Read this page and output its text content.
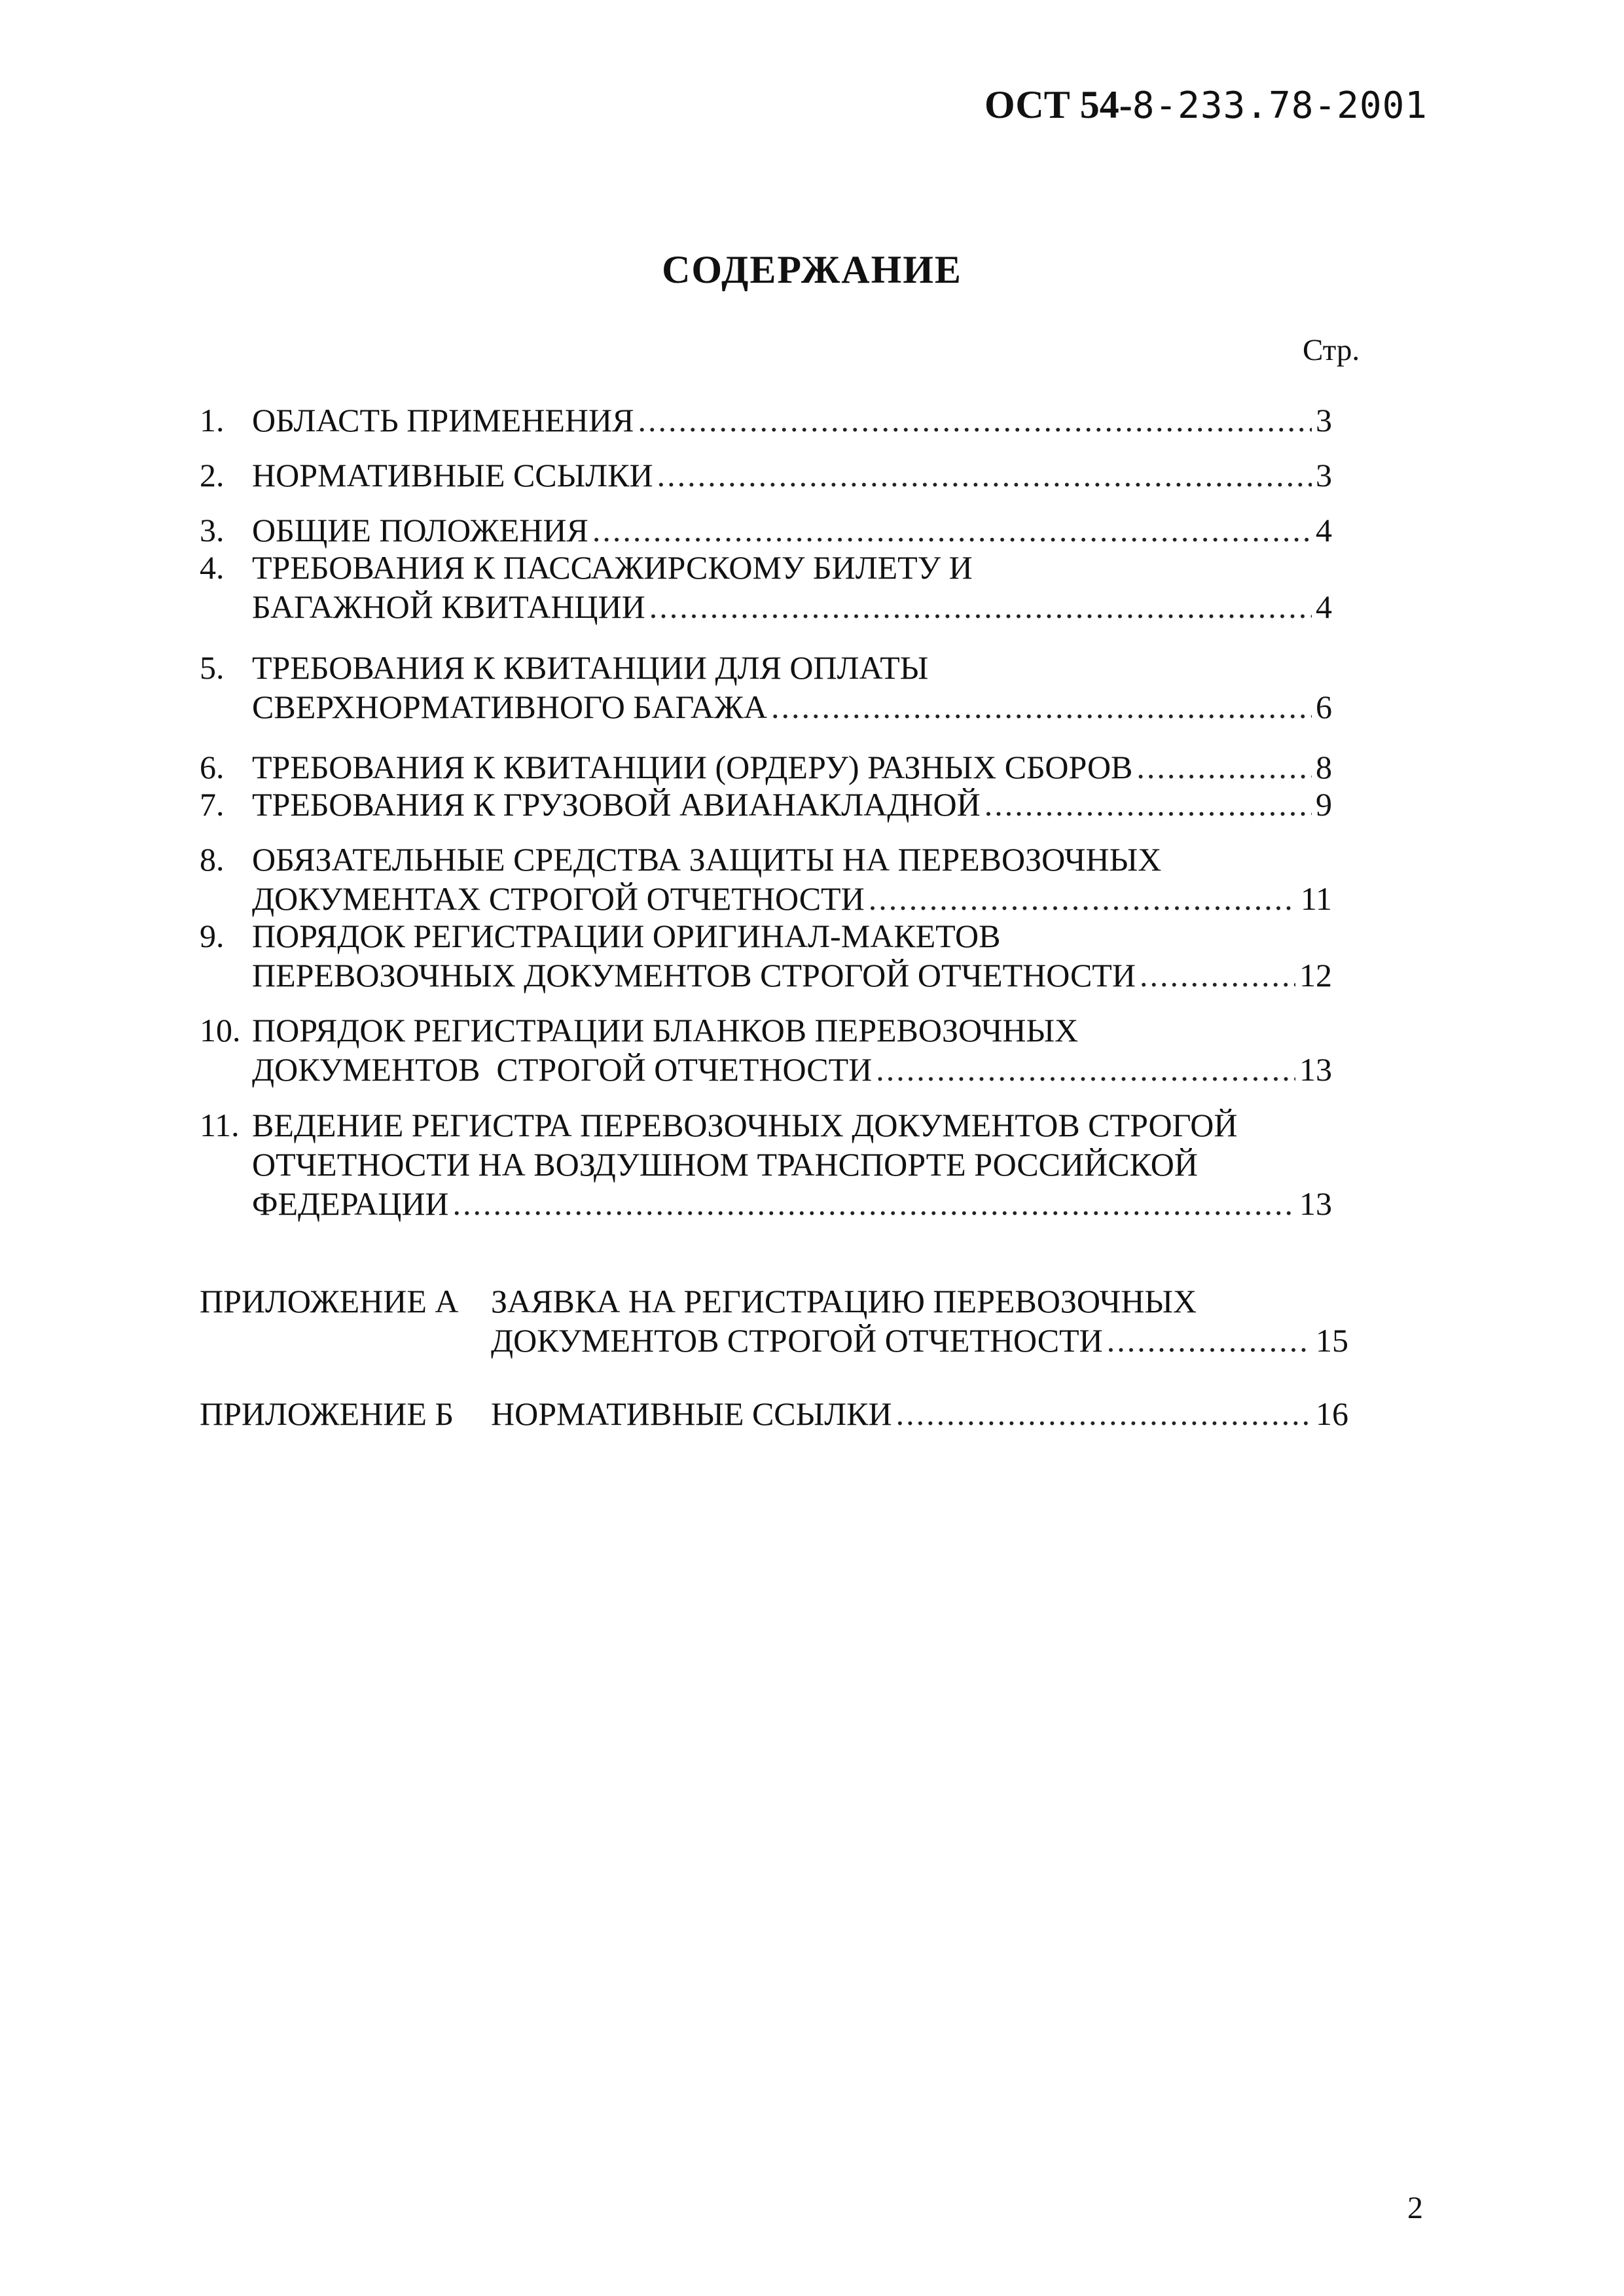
ОСТ 54-8-233.78-2001
СОДЕРЖАНИЕ
Стр.
1. ОБЛАСТЬ ПРИМЕНЕНИЯ .....	3
2. НОРМАТИВНЫЕ ССЫЛКИ .....	3
3. ОБЩИЕ ПОЛОЖЕНИЯ .....	4
4. ТРЕБОВАНИЯ К ПАССАЖИРСКОМУ БИЛЕТУ И
БАГАЖНОЙ КВИТАНЦИИ .....	4
5. ТРЕБОВАНИЯ К КВИТАНЦИИ ДЛЯ ОПЛАТЫ
СВЕРХНОРМАТИВНОГО БАГАЖА .....	6
6. ТРЕБОВАНИЯ К КВИТАНЦИИ (ОРДЕРУ) РАЗНЫХ СБОРОВ .....	8
7. ТРЕБОВАНИЯ К ГРУЗОВОЙ АВИАНАКЛАДНОЙ .....	9
8. ОБЯЗАТЕЛЬНЫЕ СРЕДСТВА ЗАЩИТЫ НА ПЕРЕВОЗОЧНЫХ
ДОКУМЕНТАХ СТРОГОЙ ОТЧЕТНОСТИ .....	11
9. ПОРЯДОК РЕГИСТРАЦИИ ОРИГИНАЛ-МАКЕТОВ
ПЕРЕВОЗОЧНЫХ ДОКУМЕНТОВ СТРОГОЙ ОТЧЕТНОСТИ .....	12
10. ПОРЯДОК РЕГИСТРАЦИИ БЛАНКОВ ПЕРЕВОЗОЧНЫХ
ДОКУМЕНТОВ  СТРОГОЙ ОТЧЕТНОСТИ .....	13
11. ВЕДЕНИЕ РЕГИСТРА ПЕРЕВОЗОЧНЫХ ДОКУМЕНТОВ СТРОГОЙ
ОТЧЕТНОСТИ НА ВОЗДУШНОМ ТРАНСПОРТЕ РОССИЙСКОЙ
ФЕДЕРАЦИИ .....	13
ПРИЛОЖЕНИЕ А ЗАЯВКА НА РЕГИСТРАЦИЮ ПЕРЕВОЗОЧНЫХ
ДОКУМЕНТОВ СТРОГОЙ ОТЧЕТНОСТИ .....	15
ПРИЛОЖЕНИЕ Б	НОРМАТИВНЫЕ ССЫЛКИ .....	16
2
